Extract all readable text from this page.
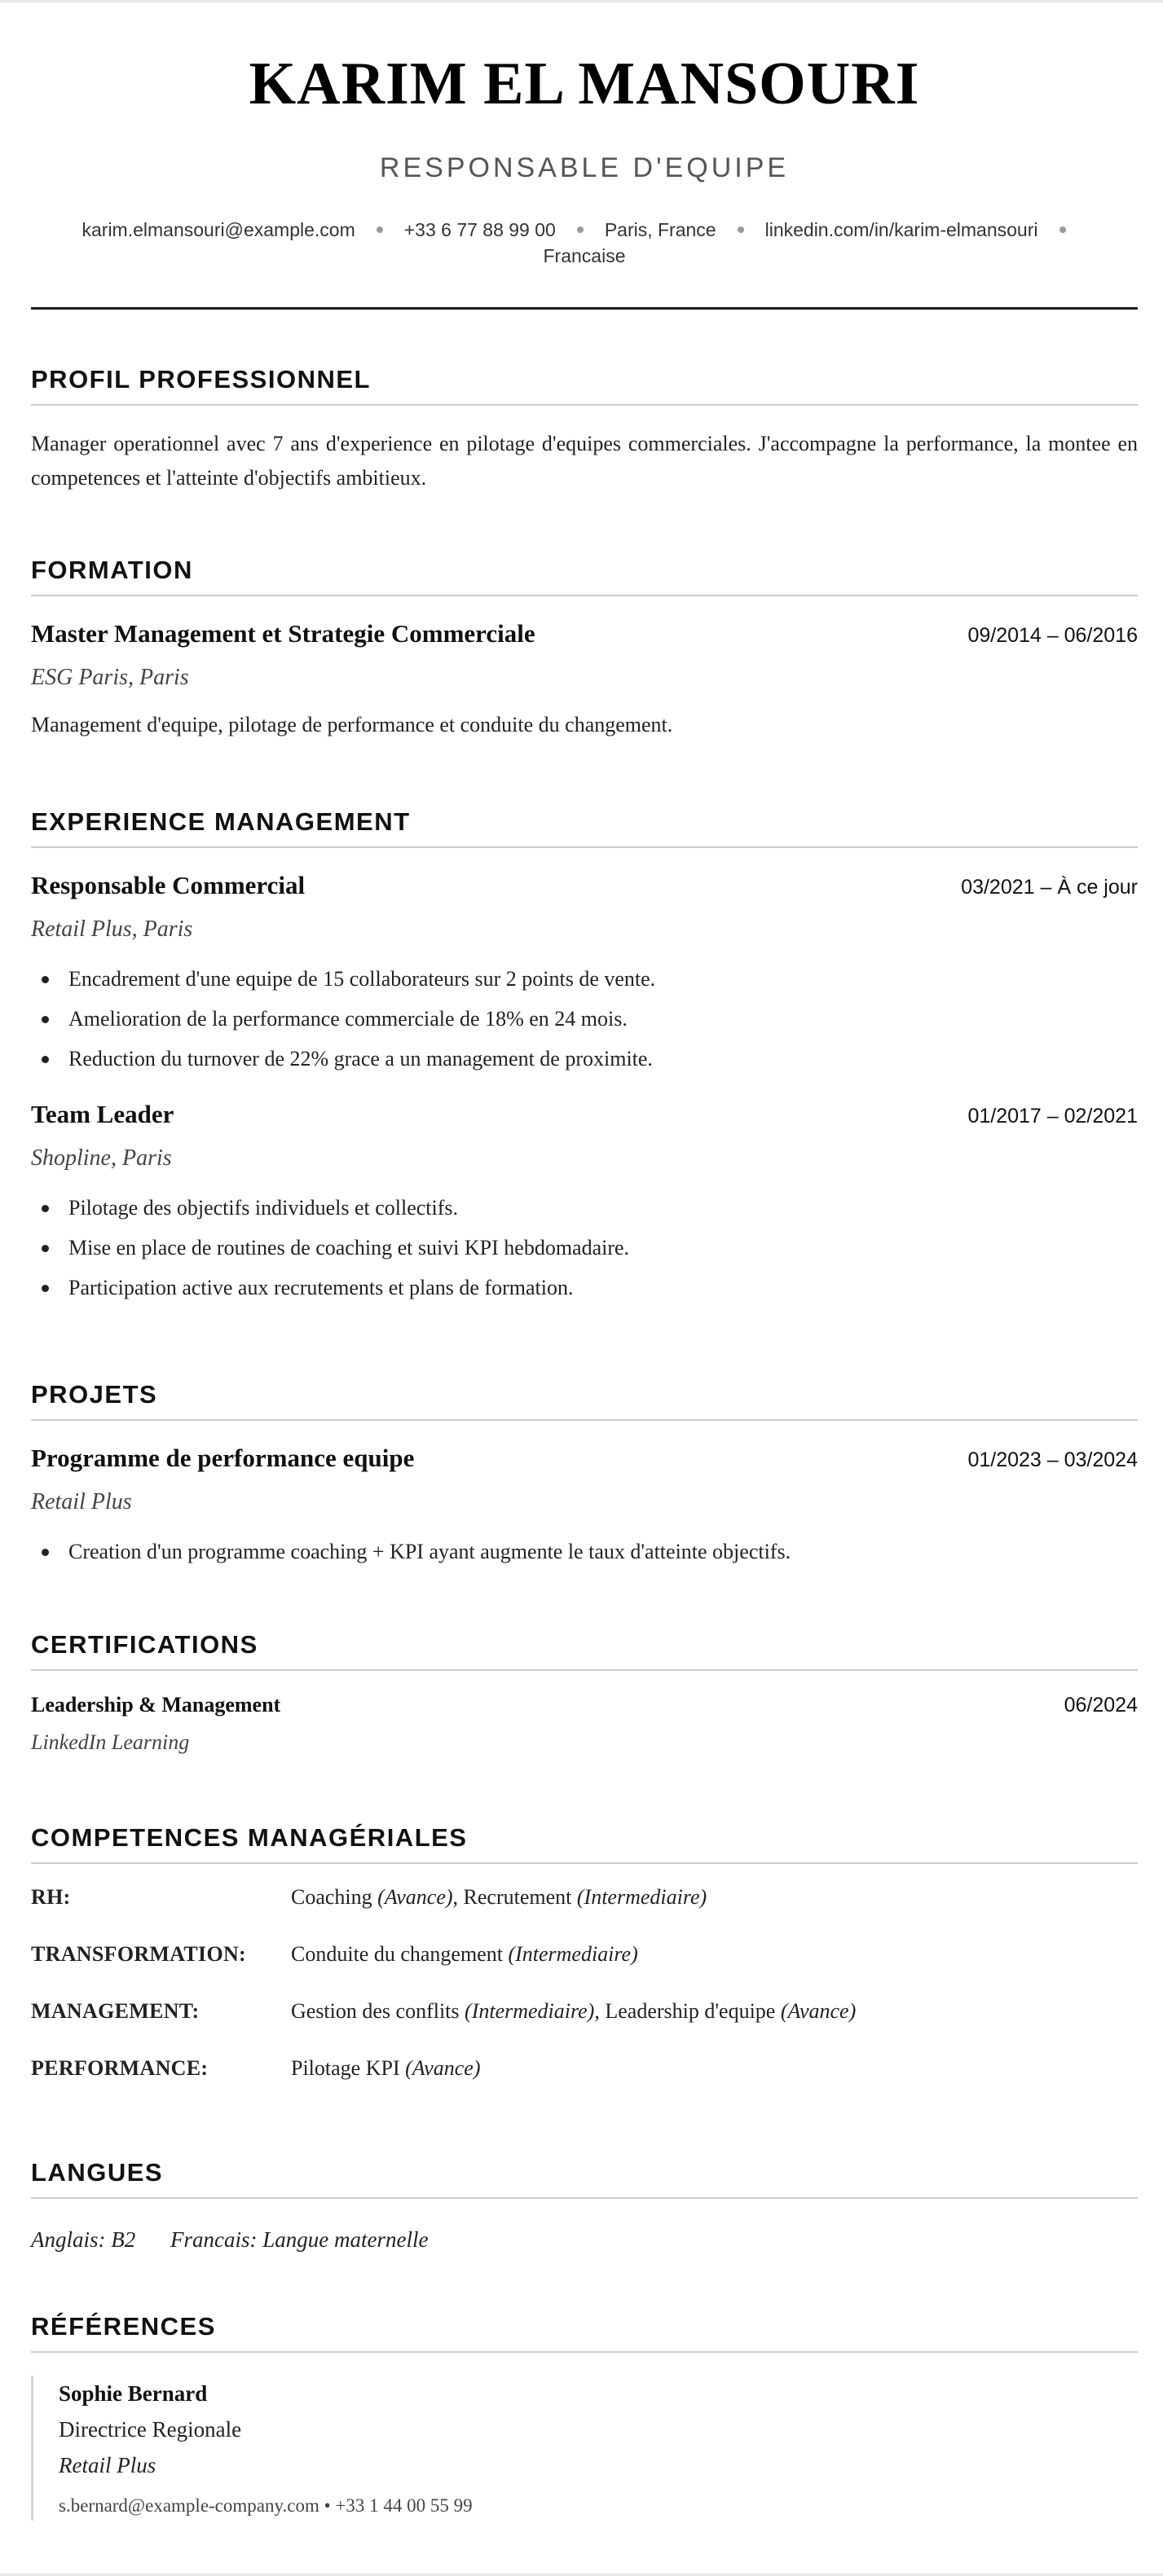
KARIM EL MANSOURI
RESPONSABLE D'EQUIPE
karim.elmansouri@example.com	+33 6 77 88 99 00	Paris, France	linkedin.com/in/karim-elmansouri
Francaise
PROFIL PROFESSIONNEL
Manager operationnel avec 7 ans d'experience en pilotage d'equipes commerciales. J'accompagne la performance, la montee en competences et l'atteinte d'objectifs ambitieux.
FORMATION
Master Management et Strategie Commerciale	09/2014 – 06/2016
ESG Paris, Paris
Management d'equipe, pilotage de performance et conduite du changement.
EXPERIENCE MANAGEMENT
Responsable Commercial	03/2021 – À ce jour
Retail Plus, Paris
Encadrement d'une equipe de 15 collaborateurs sur 2 points de vente.
Amelioration de la performance commerciale de 18% en 24 mois.
Reduction du turnover de 22% grace a un management de proximite.
Team Leader	01/2017 – 02/2021
Shopline, Paris
Pilotage des objectifs individuels et collectifs.
Mise en place de routines de coaching et suivi KPI hebdomadaire.
Participation active aux recrutements et plans de formation.
PROJETS
Programme de performance equipe	01/2023 – 03/2024
Retail Plus
Creation d'un programme coaching + KPI ayant augmente le taux d'atteinte objectifs.
CERTIFICATIONS
Leadership & Management	06/2024
LinkedIn Learning
COMPETENCES MANAGÉRIALES
RH:	Coaching (Avance), Recrutement (Intermediaire)
TRANSFORMATION:	Conduite du changement (Intermediaire)
MANAGEMENT:	Gestion des conflits (Intermediaire), Leadership d'equipe (Avance)
PERFORMANCE:	Pilotage KPI (Avance)
LANGUES
Anglais: B2 Francais: Langue maternelle
RÉFÉRENCES
Sophie Bernard
Directrice Regionale
Retail Plus
s.bernard@example-company.com • +33 1 44 00 55 99
